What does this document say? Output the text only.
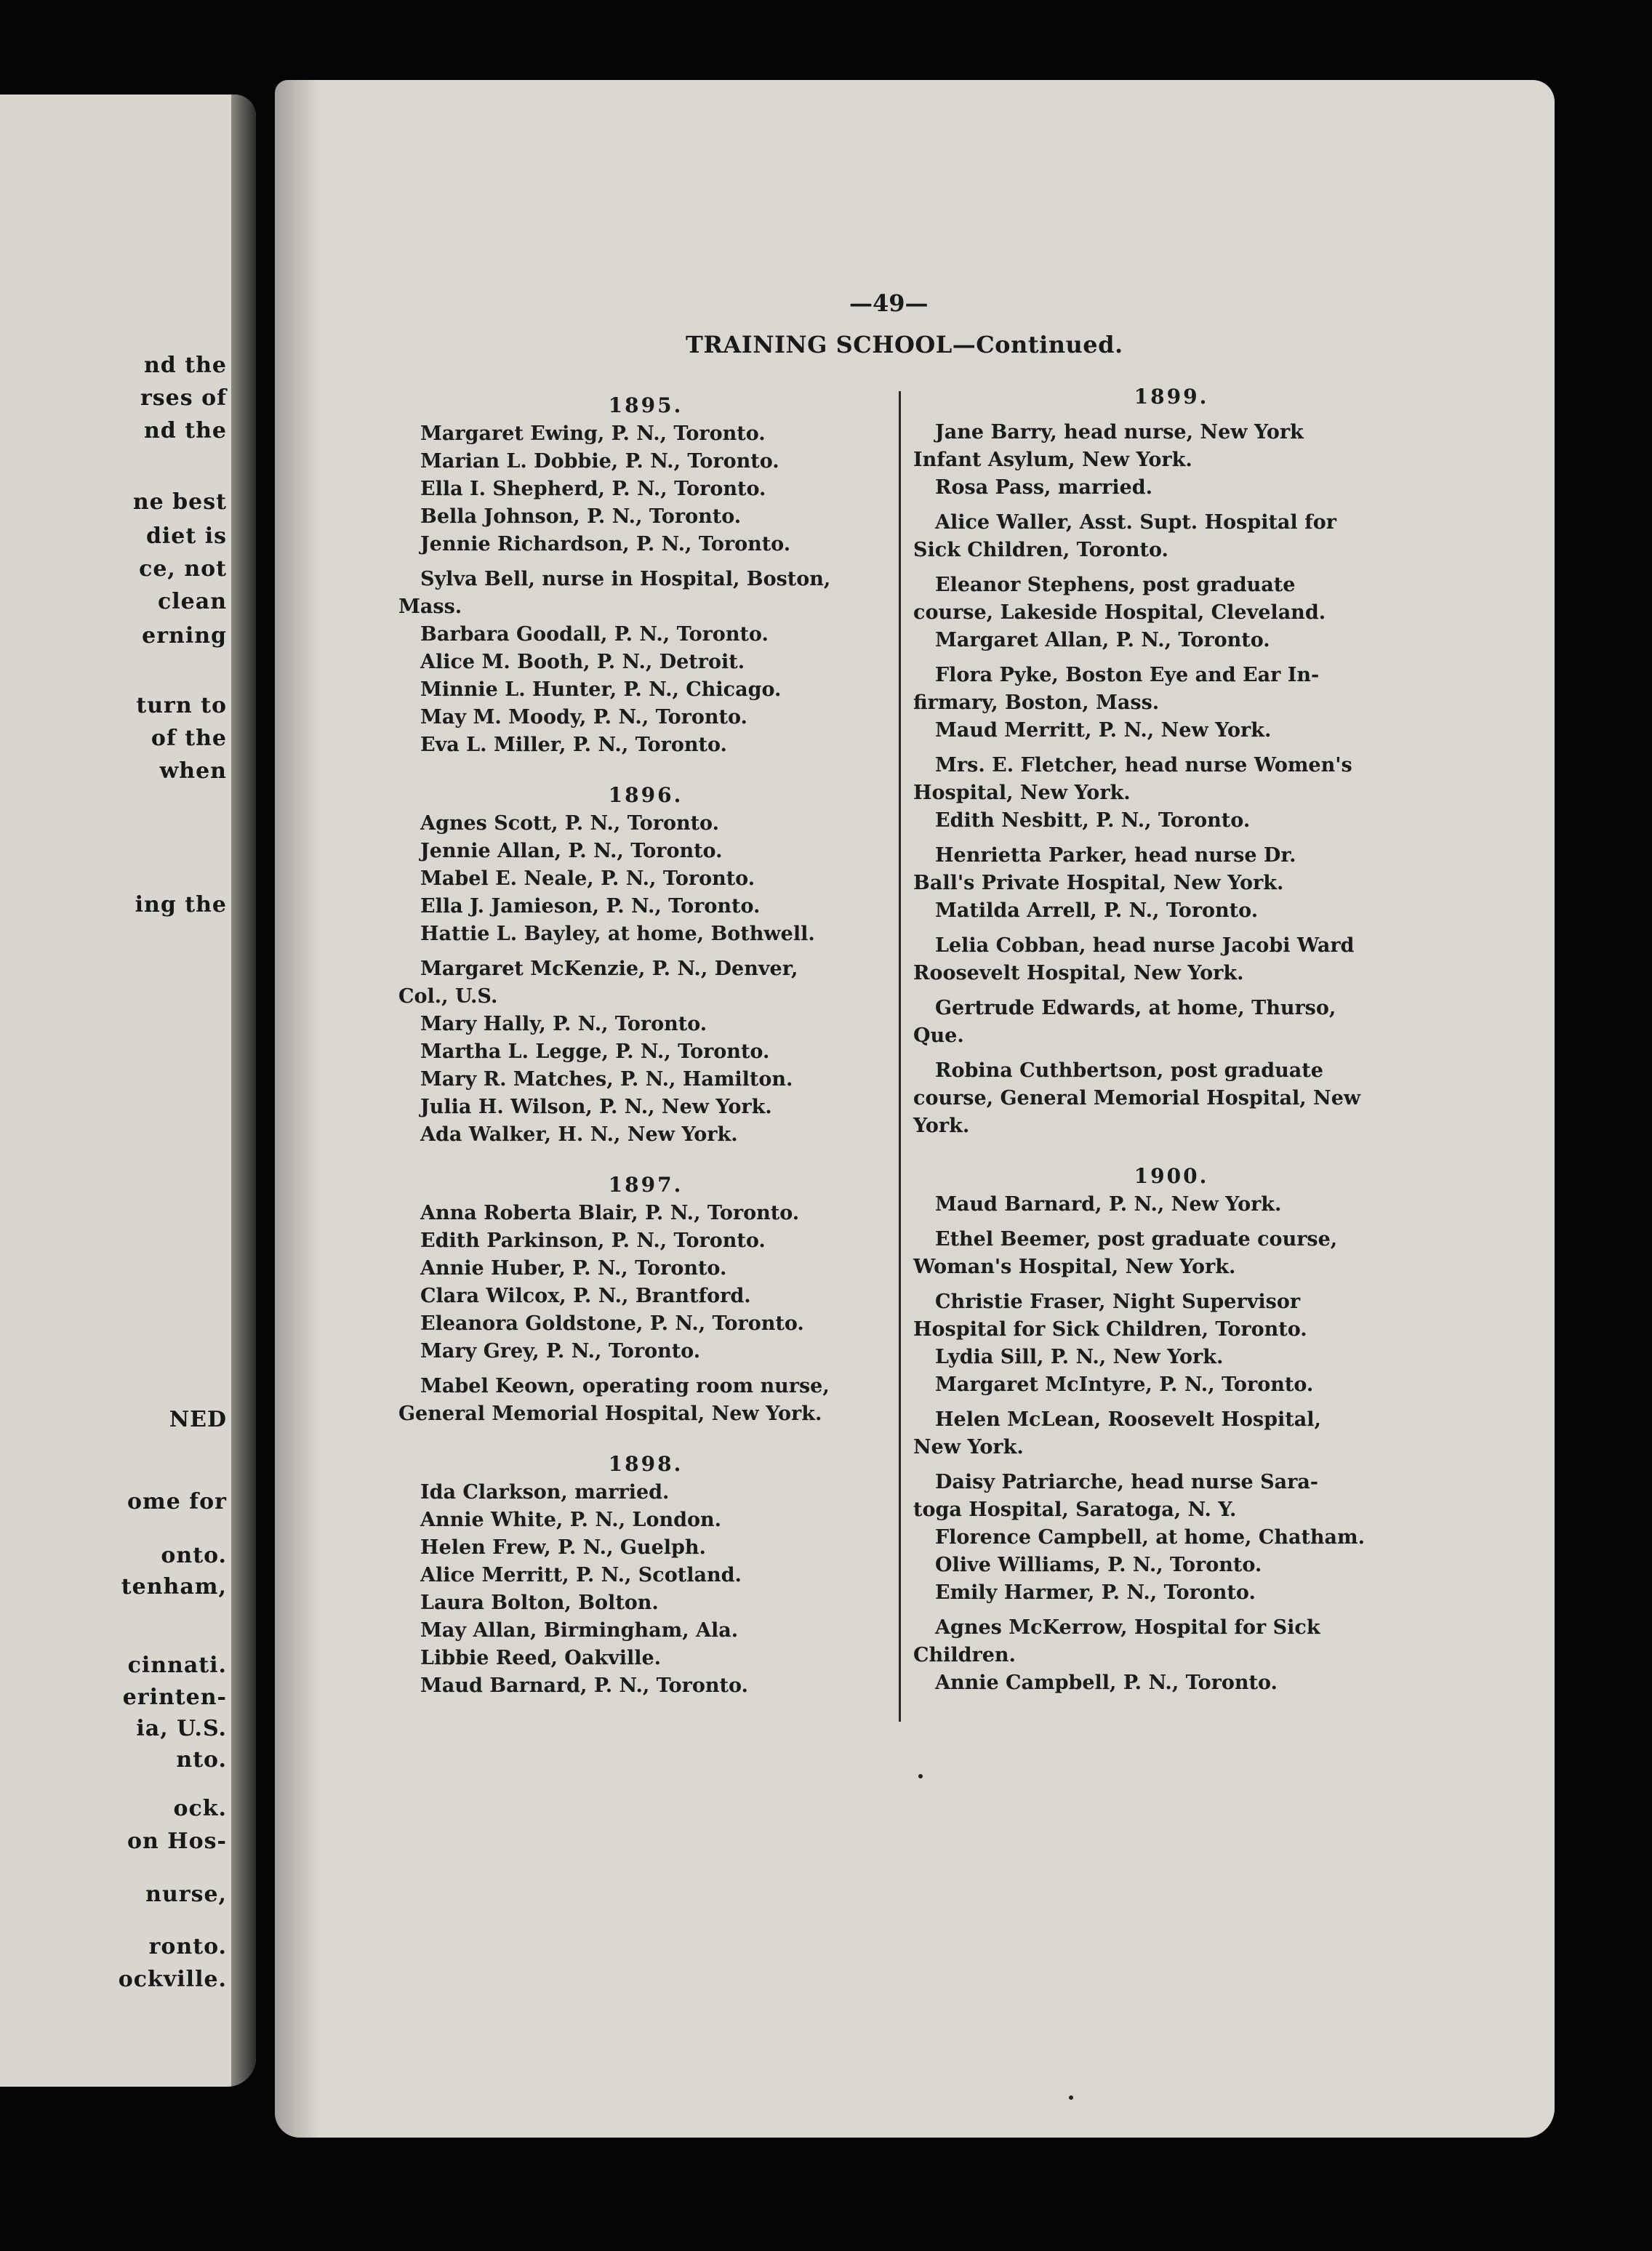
nd the
rses of
nd the
ne best
diet is
ce, not
clean
erning
turn to
of the
when
ing the
NED
ome for
onto.
tenham,
cinnati.
erinten-
ia, U.S.
nto.
ock.
on Hos-
nurse,
ronto.
ockville.
—49—
TRAINING SCHOOL—Continued.
1895.
Margaret Ewing, P. N., Toronto.
Marian L. Dobbie, P. N., Toronto.
Ella I. Shepherd, P. N., Toronto.
Bella Johnson, P. N., Toronto.
Jennie Richardson, P. N., Toronto.
Sylva Bell, nurse in Hospital, Boston,
Mass.
Barbara Goodall, P. N., Toronto.
Alice M. Booth, P. N., Detroit.
Minnie L. Hunter, P. N., Chicago.
May M. Moody, P. N., Toronto.
Eva L. Miller, P. N., Toronto.
1896.
Agnes Scott, P. N., Toronto.
Jennie Allan, P. N., Toronto.
Mabel E. Neale, P. N., Toronto.
Ella J. Jamieson, P. N., Toronto.
Hattie L. Bayley, at home, Bothwell.
Margaret McKenzie, P. N., Denver,
Col., U.S.
Mary Hally, P. N., Toronto.
Martha L. Legge, P. N., Toronto.
Mary R. Matches, P. N., Hamilton.
Julia H. Wilson, P. N., New York.
Ada Walker, H. N., New York.
1897.
Anna Roberta Blair, P. N., Toronto.
Edith Parkinson, P. N., Toronto.
Annie Huber, P. N., Toronto.
Clara Wilcox, P. N., Brantford.
Eleanora Goldstone, P. N., Toronto.
Mary Grey, P. N., Toronto.
Mabel Keown, operating room nurse,
General Memorial Hospital, New York.
1898.
Ida Clarkson, married.
Annie White, P. N., London.
Helen Frew, P. N., Guelph.
Alice Merritt, P. N., Scotland.
Laura Bolton, Bolton.
May Allan, Birmingham, Ala.
Libbie Reed, Oakville.
Maud Barnard, P. N., Toronto.
1899.
Jane Barry, head nurse, New York
Infant Asylum, New York.
Rosa Pass, married.
Alice Waller, Asst. Supt. Hospital for
Sick Children, Toronto.
Eleanor Stephens, post graduate
course, Lakeside Hospital, Cleveland.
Margaret Allan, P. N., Toronto.
Flora Pyke, Boston Eye and Ear In-
firmary, Boston, Mass.
Maud Merritt, P. N., New York.
Mrs. E. Fletcher, head nurse Women's
Hospital, New York.
Edith Nesbitt, P. N., Toronto.
Henrietta Parker, head nurse Dr.
Ball's Private Hospital, New York.
Matilda Arrell, P. N., Toronto.
Lelia Cobban, head nurse Jacobi Ward
Roosevelt Hospital, New York.
Gertrude Edwards, at home, Thurso,
Que.
Robina Cuthbertson, post graduate
course, General Memorial Hospital, New
York.
1900.
Maud Barnard, P. N., New York.
Ethel Beemer, post graduate course,
Woman's Hospital, New York.
Christie Fraser, Night Supervisor
Hospital for Sick Children, Toronto.
Lydia Sill, P. N., New York.
Margaret McIntyre, P. N., Toronto.
Helen McLean, Roosevelt Hospital,
New York.
Daisy Patriarche, head nurse Sara-
toga Hospital, Saratoga, N. Y.
Florence Campbell, at home, Chatham.
Olive Williams, P. N., Toronto.
Emily Harmer, P. N., Toronto.
Agnes McKerrow, Hospital for Sick
Children.
Annie Campbell, P. N., Toronto.
